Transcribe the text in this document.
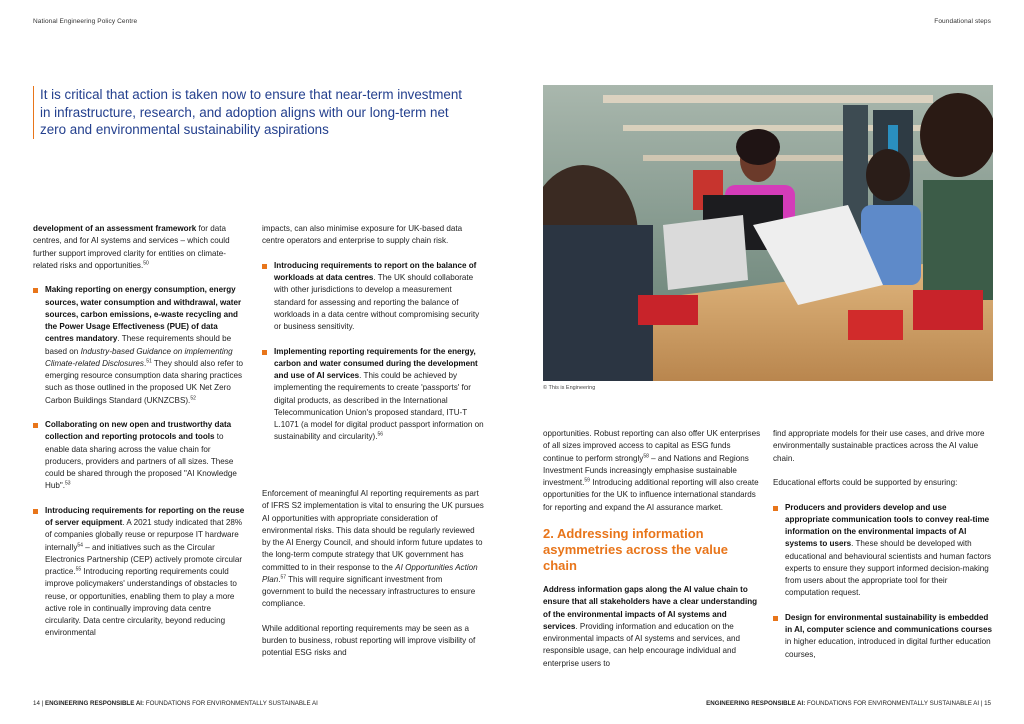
National Engineering Policy Centre	Foundational steps
It is critical that action is taken now to ensure that near-term investment in infrastructure, research, and adoption aligns with our long-term net zero and environmental sustainability aspirations

development of an assessment framework for data centres, and for AI systems and services – which could further support improved clarity for entities on climate-related risks and opportunities.$^{50}$

Making reporting on energy consumption, energy sources, water consumption and withdrawal, water sources, carbon emissions, e-waste recycling and the Power Usage Effectiveness (PUE) of data centres mandatory. These requirements should be based on Industry-based Guidance on implementing Climate-related Disclosures.$^{51}$ They should also refer to emerging resource consumption data sharing practices such as those outlined in the proposed UK Net Zero Carbon Buildings Standard (UKNZCBS).$^{52}$
Collaborating on new open and trustworthy data collection and reporting protocols and tools to enable data sharing across the value chain for producers, providers and partners of all sizes. These could be shared through the proposed "AI Knowledge Hub".$^{53}$
Introducing requirements for reporting on the reuse of server equipment. A 2021 study indicated that 28% of companies globally reuse or repurpose IT hardware internally$^{54}$ – and initiatives such as the Circular Electronics Partnership (CEP) actively promote circular practice.$^{55}$ Introducing reporting requirements could improve policymakers' understandings of obstacles to reuse, or opportunities, enabling them to play a more active role in continually improving data centre circularity. Data centre circularity, beyond reducing environmental

impacts, can also minimise exposure for UK-based data centre operators and enterprise to supply chain risk.

Introducing requirements to report on the balance of workloads at data centres. The UK should collaborate with other jurisdictions to develop a measurement standard for assessing and reporting the balance of workloads in a data centre without compromising security or business sensitivity.
Implementing reporting requirements for the energy, carbon and water consumed during the development and use of AI services. This could be achieved by implementing the requirements to create 'passports' for digital products, as described in the International Telecommunication Union's proposed standard, ITU-T L.1071 (a model for digital product passport information on sustainability and circularity).$^{56}$

Enforcement of meaningful AI reporting requirements as part of IFRS S2 implementation is vital to ensuring the UK pursues AI opportunities with appropriate consideration of environmental risks. This data should be regularly reviewed by the AI Energy Council, and should inform future updates to the long-term compute strategy that UK government has committed to in their response to the AI Opportunities Action Plan.$^{57}$ This will require significant investment from government to build the necessary infrastructures to ensure compliance.

While additional reporting requirements may be seen as a burden to business, robust reporting will improve visibility of potential ESG risks and

© This is Engineering

opportunities. Robust reporting can also offer UK enterprises of all sizes improved access to capital as ESG funds continue to perform strongly$^{58}$ – and Nations and Regions Investment Funds increasingly emphasise sustainable investment.$^{59}$ Introducing additional reporting will also create opportunities for the UK to influence international standards for reporting and expand the AI assurance market.

2. Addressing information asymmetries across the value chain

Address information gaps along the AI value chain to ensure that all stakeholders have a clear understanding of the environmental impacts of AI systems and services. Providing information and education on the environmental impacts of AI systems and services, and responsible usage, can help encourage individual and enterprise users to

find appropriate models for their use cases, and drive more environmentally sustainable practices across the AI value chain.

Educational efforts could be supported by ensuring:

Producers and providers develop and use appropriate communication tools to convey real-time information on the environmental impacts of AI systems to users. These should be developed with educational and behavioural scientists and human factors experts to ensure they support informed decision-making from users about the appropriate tool for their computation request.
Design for environmental sustainability is embedded in AI, computer science and communications courses in higher education, introduced in digital further education courses,
14 | ENGINEERING RESPONSIBLE AI: FOUNDATIONS FOR ENVIRONMENTALLY SUSTAINABLE AI	ENGINEERING RESPONSIBLE AI: FOUNDATIONS FOR ENVIRONMENTALLY SUSTAINABLE AI | 15
